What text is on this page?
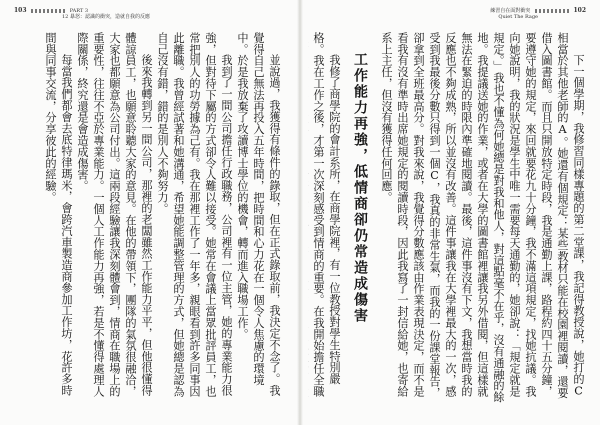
103	PART 3
12 暴怒：認識的衝突，造就自我的反應

並說過，我獲得有條件的錄取，但在正式錄取前，我決定不念了。我覺得自己無法再投入五年時間，把時間和心力花在一個令人焦慮的環境中。於是我放棄了攻讀博士學位的機會，轉而進入職場工作。

我到了一間公司擔任行政職務，公司裡有一位主管，她的專業能力很強，但對待下屬的方式卻令人難以接受。她常在會議上當眾批評員工，也常把別人的功勞據為己有。我在那裡工作了一年多，親眼看到許多同事因此離職。我曾經試著和她溝通，希望她能調整管理的方式，但她總是認為自己沒有錯，錯的是別人不夠努力。

後來我轉到另一間公司，那裡的老闆雖然工作能力平平，但他很懂得體諒員工，也願意聆聽大家的意見。在他的帶領下，團隊的氣氛很融洽，大家也都願意為公司付出。這兩段經驗讓我深刻體會到，情商在職場上的重要性，往往不亞於專業能力。一個人工作能力再強，若是不懂得處理人際關係，終究還是會造成傷害。

每當我們都會去底特律瑪米，會跨汽車製造商參加工作坊，花許多時間與同事交流，分享彼此的經驗。

練習自在面對衝突	102
Quiet The Rage

下一個學期，我修習同樣專題的第二堂課，我記得教授說，她打的C相當於其他老師的A。她還有個規定：某些教材只能在校園裡閱讀，還要借入圖書館。而且只開放特定時段，我是通勤上課，路程約四十五分鐘，要遵守她的規定，來回就要花九十分鐘，我不滿這項規定，找她抗議。我向她說明，我的狀況是學生中唯一需要每天通勤的，她卻說：「規定就是規定。」我也不懂為何她總是對我和他人，對這點毫不在乎，沒有通融的餘地。我提議送她的作業，或者在大學的圖書館裡讓我另外借閱，但這樣就無法在緊迫的時限內準確地閱讀。最後，這件事沒有下文，我想當時我的反應也不夠成熟，所以並沒有改善。這件事讓我在大學裡最大的一次，感受到我最後分數只得到一個C，我真的非常生氣，而我的一份課堂報告，卻拿到全班最高分。對我來說，我覺得分數應該由作業表現決定，而不是看我有沒有準時出席她規定的閱讀時段，因此我寫了一封信給她，也寄給系上主任，但沒有獲得任何回應。

工作能力再強，低情商卻仍常造成傷害

我修了商學院的會計系所，在商學院裡，有一位教授對學生特別嚴格。我在工作之後，才第一次深刻感受到情商的重要。在我開始擔任全職
